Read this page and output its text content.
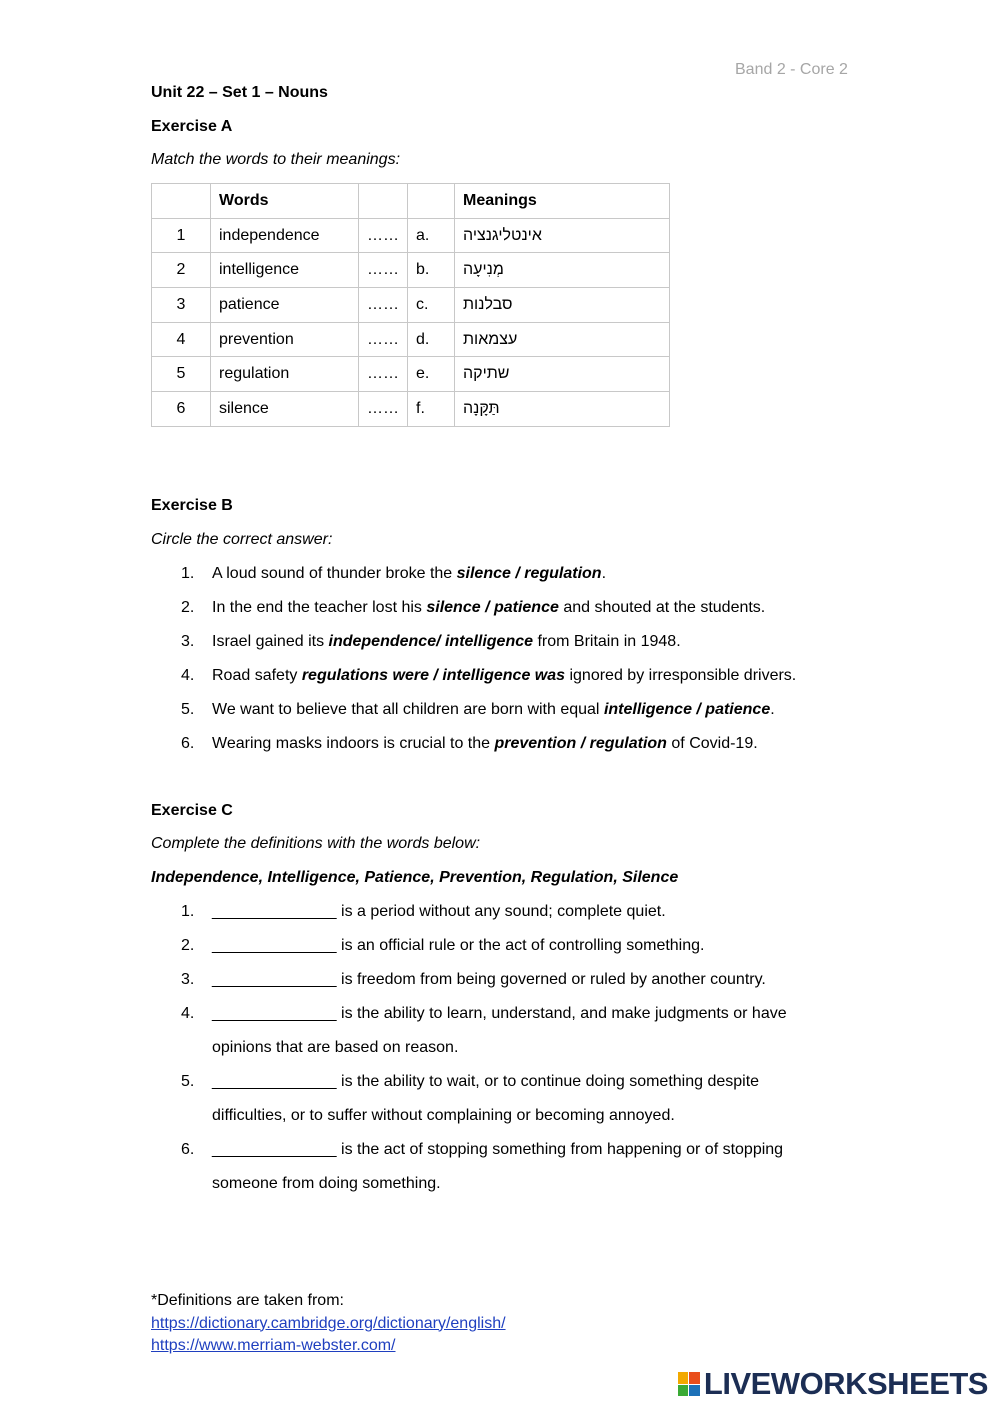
Band 2 - Core 2
Unit 22 – Set 1 – Nouns
Exercise A
Match the words to their meanings:
	Words			Meanings
1	independence	……	a.	אינטליגנציה
2	intelligence	……	b.	מְנִיעָה
3	patience	……	c.	סבלנות
4	prevention	……	d.	עצמאות
5	regulation	……	e.	שתיקה
6	silence	……	f.	תַּקָּנָה
Exercise B
Circle the correct answer:
1. A loud sound of thunder broke the silence / regulation.
2. In the end the teacher lost his silence / patience and shouted at the students.
3. Israel gained its independence/ intelligence from Britain in 1948.
4. Road safety regulations were / intelligence was ignored by irresponsible drivers.
5. We want to believe that all children are born with equal intelligence / patience.
6. Wearing masks indoors is crucial to the prevention / regulation of Covid-19.
Exercise C
Complete the definitions with the words below:
Independence, Intelligence, Patience, Prevention, Regulation, Silence
1. ______________ is a period without any sound; complete quiet.
2. ______________ is an official rule or the act of controlling something.
3. ______________ is freedom from being governed or ruled by another country.
4. ______________ is the ability to learn, understand, and make judgments or have
opinions that are based on reason.
5. ______________ is the ability to wait, or to continue doing something despite
difficulties, or to suffer without complaining or becoming annoyed.
6. ______________ is the act of stopping something from happening or of stopping
someone from doing something.
*Definitions are taken from:
https://dictionary.cambridge.org/dictionary/english/
https://www.merriam-webster.com/
LIVEWORKSHEETS
